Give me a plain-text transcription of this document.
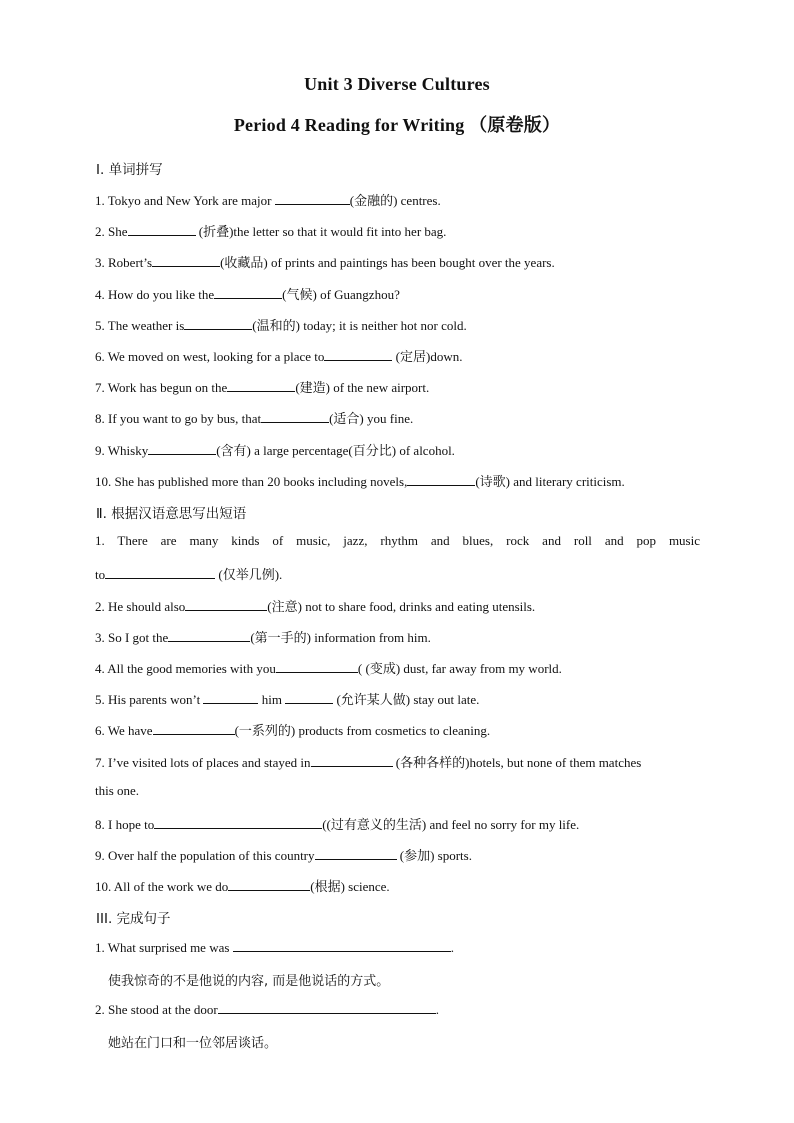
Unit 3 Diverse Cultures
Period 4 Reading for Writing （原卷版）
Ⅰ. 单词拼写
1. Tokyo and New York are major	(金融的) centres.
2. She	(折叠)the letter so that it would fit into her bag.
3. Robert’s	(收藏品) of prints and paintings has been bought over the years.
4. How do you like the	(气候) of Guangzhou?
5. The weather is	(温和的) today; it is neither hot nor cold.
6. We moved on west, looking for a place to	(定居)down.
7. Work has begun on the	(建造) of the new airport.
8. If you want to go by bus, that	(适合) you fine.
9. Whisky	(含有) a large percentage(百分比) of alcohol.
10. She has published more than 20 books including novels,	(诗歌) and literary criticism.
Ⅱ. 根据汉语意思写出短语
1. There are many kinds of music, jazz, rhythm and blues, rock and roll and pop music
to	(仅举几例).
2. He should also	(注意) not to share food, drinks and eating utensils.
3. So I got the	(第一手的) information from him.
4. All the good memories with you	( (变成) dust, far away from my world.
5. His parents won’t	him	(允许某人做) stay out late.
6. We have	(一系列的) products from cosmetics to cleaning.
7. I’ve visited lots of places and stayed in	(各种各样的)hotels, but none of them matches
this one.
8. I hope to	((过有意义的生活) and feel no sorry for my life.
9. Over half the population of this country	(参加) sports.
10. All of the work we do	(根据) science.
III. 完成句子
1. What surprised me was	.
使我惊奇的不是他说的内容, 而是他说话的方式。
2. She stood at the door	.
她站在门口和一位邻居谈话。
